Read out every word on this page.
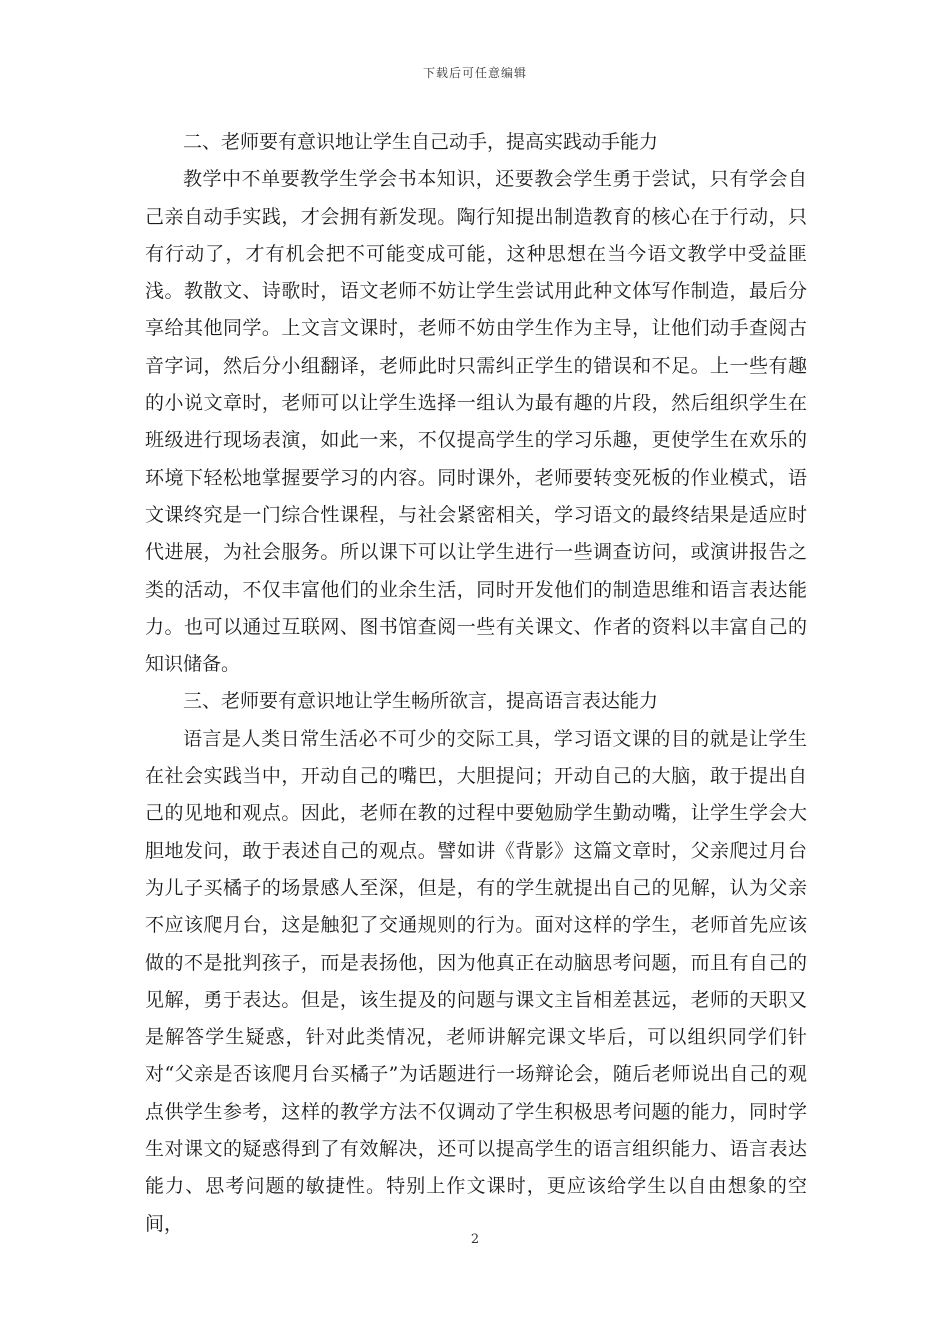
下载后可任意编辑

二、老师要有意识地让学生自己动手，提高实践动手能力

教学中不单要教学生学会书本知识，还要教会学生勇于尝试，只有学会自己亲自动手实践，才会拥有新发现。陶行知提出制造教育的核心在于行动，只有行动了，才有机会把不可能变成可能，这种思想在当今语文教学中受益匪浅。教散文、诗歌时，语文老师不妨让学生尝试用此种文体写作制造，最后分享给其他同学。上文言文课时，老师不妨由学生作为主导，让他们动手查阅古音字词，然后分小组翻译，老师此时只需纠正学生的错误和不足。上一些有趣的小说文章时，老师可以让学生选择一组认为最有趣的片段，然后组织学生在班级进行现场表演，如此一来，不仅提高学生的学习乐趣，更使学生在欢乐的环境下轻松地掌握要学习的内容。同时课外，老师要转变死板的作业模式，语文课终究是一门综合性课程，与社会紧密相关，学习语文的最终结果是适应时代进展，为社会服务。所以课下可以让学生进行一些调查访问，或演讲报告之类的活动，不仅丰富他们的业余生活，同时开发他们的制造思维和语言表达能力。也可以通过互联网、图书馆查阅一些有关课文、作者的资料以丰富自己的知识储备。

三、老师要有意识地让学生畅所欲言，提高语言表达能力

语言是人类日常生活必不可少的交际工具，学习语文课的目的就是让学生在社会实践当中，开动自己的嘴巴，大胆提问；开动自己的大脑，敢于提出自己的见地和观点。因此，老师在教的过程中要勉励学生勤动嘴，让学生学会大胆地发问，敢于表述自己的观点。譬如讲《背影》这篇文章时，父亲爬过月台为儿子买橘子的场景感人至深，但是，有的学生就提出自己的见解，认为父亲不应该爬月台，这是触犯了交通规则的行为。面对这样的学生，老师首先应该做的不是批判孩子，而是表扬他，因为他真正在动脑思考问题，而且有自己的见解，勇于表达。但是，该生提及的问题与课文主旨相差甚远，老师的天职又是解答学生疑惑，针对此类情况，老师讲解完课文毕后，可以组织同学们针对“父亲是否该爬月台买橘子”为话题进行一场辩论会，随后老师说出自己的观点供学生参考，这样的教学方法不仅调动了学生积极思考问题的能力，同时学生对课文的疑惑得到了有效解决，还可以提高学生的语言组织能力、语言表达能力、思考问题的敏捷性。特别上作文课时，更应该给学生以自由想象的空间，

2
